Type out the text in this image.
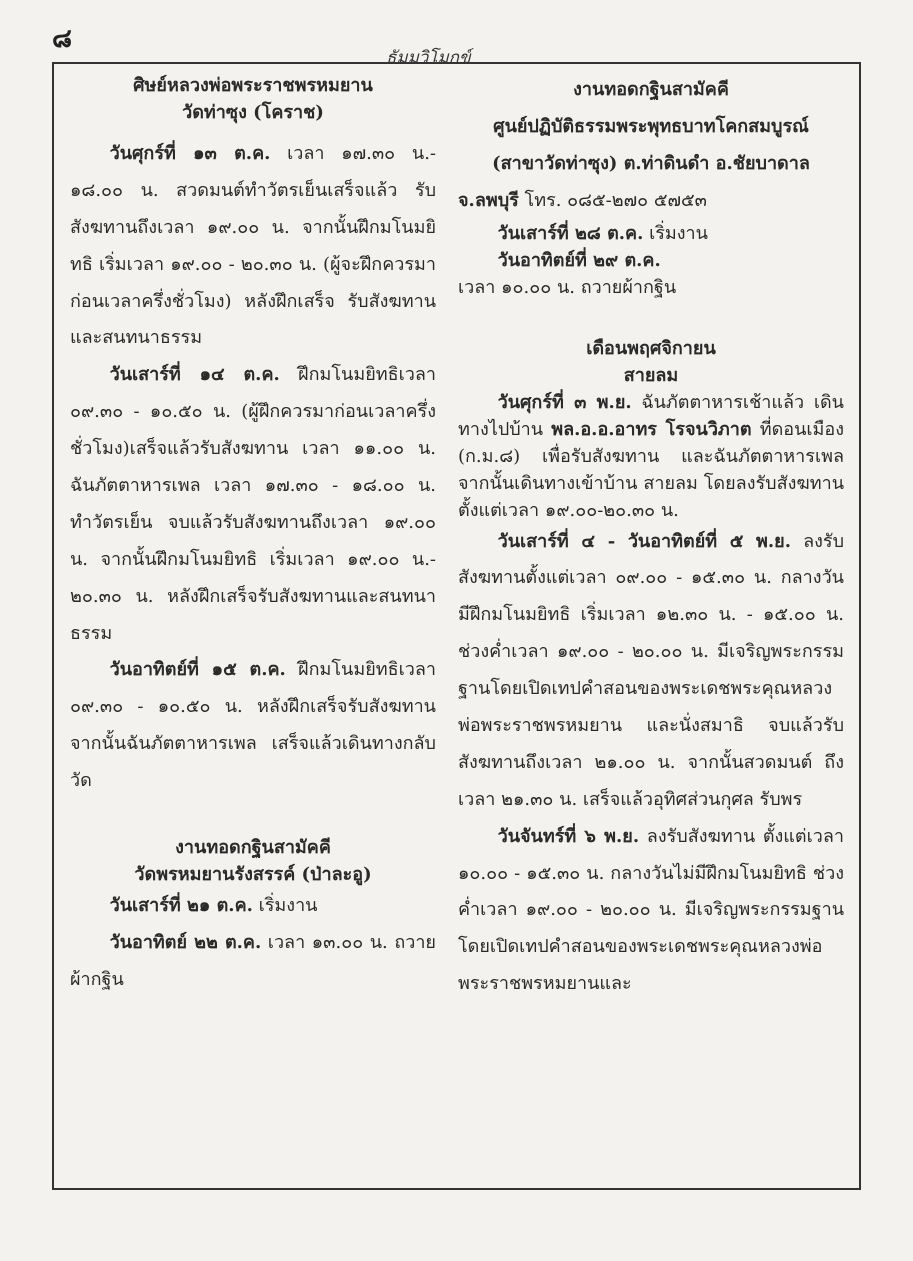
๘
ธัมมวิโมกข์

ศิษย์หลวงพ่อพระราชพรหมยาน

วัดท่าซุง (โคราช)

วันศุกร์ที่ ๑๓ ต.ค. เวลา ๑๗.๓๐ น.- ๑๘.๐๐ น. สวดมนต์ทำวัตรเย็นเสร็จแล้ว รับสังฆทานถึงเวลา ๑๙.๐๐ น. จากนั้นฝึกมโนมยิทธิ เริ่มเวลา ๑๙.๐๐ - ๒๐.๓๐ น. (ผู้จะฝึกควรมาก่อนเวลาครึ่งชั่วโมง) หลังฝึกเสร็จ รับสังฆทานและสนทนาธรรม

วันเสาร์ที่ ๑๔ ต.ค. ฝึกมโนมยิทธิเวลา ๐๙.๓๐ - ๑๐.๕๐ น. (ผู้ฝึกควรมาก่อนเวลาครึ่งชั่วโมง)เสร็จแล้วรับสังฆทาน เวลา ๑๑.๐๐ น. ฉันภัตตาหารเพล เวลา ๑๗.๓๐ - ๑๘.๐๐ น. ทำวัตรเย็น จบแล้วรับสังฆทานถึงเวลา ๑๙.๐๐ น. จากนั้นฝึกมโนมยิทธิ เริ่มเวลา ๑๙.๐๐ น.- ๒๐.๓๐ น. หลังฝึกเสร็จรับสังฆทานและสนทนาธรรม

วันอาทิตย์ที่ ๑๕ ต.ค. ฝึกมโนมยิทธิเวลา ๐๙.๓๐ - ๑๐.๕๐ น. หลังฝึกเสร็จรับสังฆทาน จากนั้นฉันภัตตาหารเพล เสร็จแล้วเดินทางกลับวัด

งานทอดกฐินสามัคคี

วัดพรหมยานรังสรรค์ (ป่าละอู)

วันเสาร์ที่ ๒๑ ต.ค. เริ่มงาน

วันอาทิตย์ ๒๒ ต.ค. เวลา ๑๓.๐๐ น. ถวายผ้ากฐิน

งานทอดกฐินสามัคคี

ศูนย์ปฏิบัติธรรมพระพุทธบาทโคกสมบูรณ์

(สาขาวัดท่าซุง) ต.ท่าดินดำ อ.ชัยบาดาล

จ.ลพบุรี โทร. ๐๘๕-๒๗๐ ๕๗๕๓

วันเสาร์ที่ ๒๘ ต.ค. เริ่มงาน

วันอาทิตย์ที่ ๒๙ ต.ค.

เวลา ๑๐.๐๐ น. ถวายผ้ากฐิน

เดือนพฤศจิกายน

สายลม

วันศุกร์ที่ ๓ พ.ย. ฉันภัตตาหารเช้าแล้ว เดินทางไปบ้าน พล.อ.อ.อาทร โรจนวิภาต ที่ดอนเมือง (ก.ม.๘) เพื่อรับสังฆทาน และฉันภัตตาหารเพล จากนั้นเดินทางเข้าบ้าน สายลม โดยลงรับสังฆทานตั้งแต่เวลา ๑๙.๐๐-๒๐.๓๐ น.

วันเสาร์ที่ ๔ - วันอาทิตย์ที่ ๕ พ.ย. ลงรับสังฆทานตั้งแต่เวลา ๐๙.๐๐ - ๑๕.๓๐ น. กลางวัน มีฝึกมโนมยิทธิ เริ่มเวลา ๑๒.๓๐ น. - ๑๕.๐๐ น. ช่วงค่ำเวลา ๑๙.๐๐ - ๒๐.๐๐ น. มีเจริญพระกรรมฐานโดยเปิดเทปคำสอนของพระเดชพระคุณหลวงพ่อพระราชพรหมยาน และนั่งสมาธิ จบแล้วรับสังฆทานถึงเวลา ๒๑.๐๐ น. จากนั้นสวดมนต์ ถึงเวลา ๒๑.๓๐ น. เสร็จแล้วอุทิศส่วนกุศล รับพร

วันจันทร์ที่ ๖ พ.ย. ลงรับสังฆทาน ตั้งแต่เวลา ๑๐.๐๐ - ๑๕.๓๐ น. กลางวันไม่มีฝึกมโนมยิทธิ ช่วงค่ำเวลา ๑๙.๐๐ - ๒๐.๐๐ น. มีเจริญพระกรรมฐาน โดยเปิดเทปคำสอนของพระเดชพระคุณหลวงพ่อพระราชพรหมยานและ
